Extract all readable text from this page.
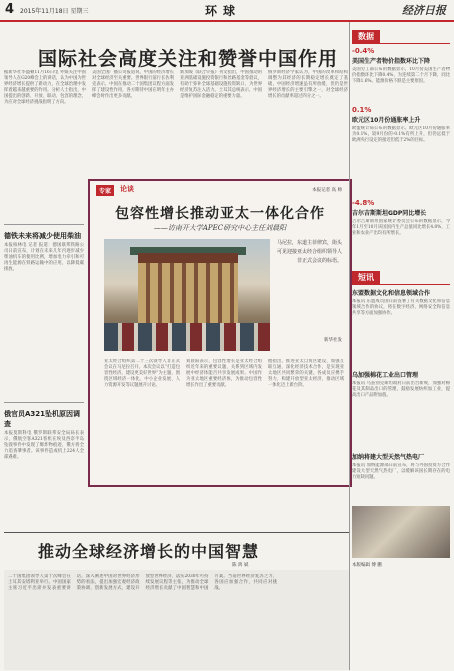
4 2015年11月18日 星期三	环球	经济日报
国际社会高度关注和赞誉中国作用
据新华社华盛顿11月16日电 外媒关注中国领导人在G20峰会上的讲话，认为中国为世界经济增长提供了新动力，在全球治理中发挥着越来越重要的作用。分析人士指出，中国提出的创新、开放、联动、包容的理念，为应对全球经济挑战指明了方向。
美国全国广播公司报道说，中国的经济增长对全球经济至关重要。世界银行前行长佐利克表示，中国在推动二十国集团议程方面发挥了建设性作用，各方期待中国在明年主办峰会时作出更多贡献。
新加坡《联合早报》刊文指出，中国推动的亚洲基础设施投资银行和丝路基金等倡议，有助于弥补全球基础设施投资缺口，为世界经济复苏注入活力。土耳其总统表示，中国是维护国际金融稳定的重要力量。
俄罗斯经济学家认为，中国的改革和结构调整为其经济的长期稳定增长奠定了基础，中国经济增速虽有所放缓，但仍是世界经济增长的主要引擎之一，对全球经济增长的贡献率超过四分之一。
德铁未来将减少使用柴油
本报柏林电 记者 报道：德国联邦铁路公司日前宣布，计划在未来几年内逐步减少柴油机车的使用比例，增加电力牵引和可再生能源在铁路运输中的应用，以降低碳排放。
俄官员A321坠机原因调查
本报莫斯科电 俄罗斯联邦安全局局长表示，俄航空客A321客机在埃及西奈半岛坠毁事件中发现了爆炸物痕迹，俄方将全力追查肇事者。该事件造成机上224人全部遇难。
专家	论谈	本报记者 高 帅
包容性增长推动亚太一体化合作
——访南开大学APEC研究中心主任刘晨阳
马尼拉，东道主菲律宾，街头可见迎接亚太经合组织领导人非正式会议的标语。
新华社发
亚太经合组织第二十三次领导人非正式会议在马尼拉召开。本次会议以“打造包容性经济，建设更美好世界”为主题，围绕区域经济一体化、中小企业发展、人力资源开发等议题展开讨论。
刘晨阳表示，包容性增长是亚太经合组织近年来的重要议题，关系到区域内发展中经济体能否共享发展成果。中国作为亚太地区重要经济体，为推动包容性增长作出了重要贡献。
他指出，推进亚太自贸区建设、加强互联互通、深化经济技术合作，是实现亚太地区共同繁荣的关键。各成员应携手努力，构建开放型亚太经济，推动区域一体化迈上新台阶。
推动全球经济增长的中国智慧
陈 鸿 斌
二十国集团领导人第十次峰会在土耳其安塔利亚举行。中国国家主席习近平出席并发表重要讲话，深入阐述中国对世界经济形势的看法，提出加强宏观经济政策协调、创新发展方式、建设开放型世界经济、落实2030年可持续发展议程等主张，为推动全球经济增长贡献了中国智慧和中国方案。当前世界经济复苏乏力，各国应加强合作，共同应对挑战。
数据
-0.4%
美国生产者物价指数环比下降
美国劳工部公布的数据显示，10月份美国生产者物价指数环比下降0.4%，为连续第二个月下降，同比下降1.6%。能源价格下跌是主要原因。
0.1%
欧元区10月份通胀率上升
欧盟统计局公布的数据显示，欧元区10月份通胀率为0.1%，较9月份的-0.1%有所上升，但仍远低于欧洲央行设定的接近但低于2%的目标。
-4.8%
吉尔吉斯斯坦GDP同比增长
吉尔吉斯斯坦国家统计委员会公布的数据显示，今年1月至10月该国国内生产总值同比增长4.8%，工业和农业产出均有所增长。
短讯
东盟数据文化和信息领域合作
本报讯 东盟成员国日前签署了有关数据文化和信息领域合作的协议，将在数字经济、网络安全和信息共享等方面加强协作。
乌加强棉花工业出口管理
本报讯 乌兹别克斯坦政府日前出台新规，加强对棉花及其制品出口的管理，鼓励发展纺织加工业，提高出口产品附加值。
加纳将建大型天然气热电厂
本报讯 加纳能源部日前宣布，将与外国投资方合作建设大型天然气热电厂，以缓解该国长期存在的电力短缺问题。
本版编辑 傅 鹏
